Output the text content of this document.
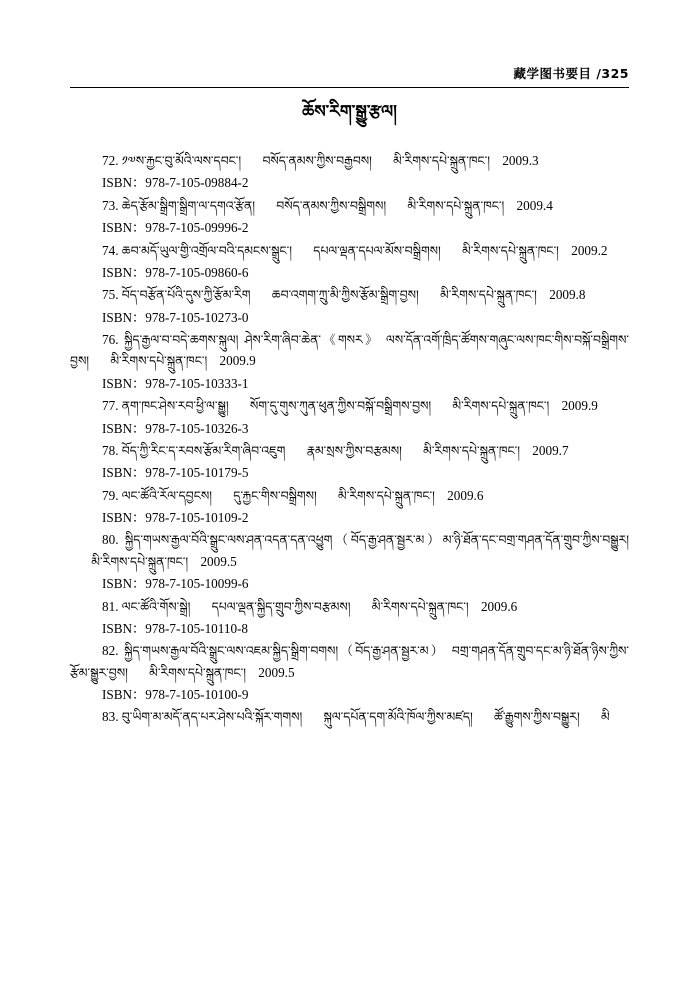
藏学图书要目 /325
ཆོས་རིག་སྒྱུ་རྩལ།

72. ༡༧ས་རྐྱང་བུ་མོའི་ལས་དབང་། བསོད་ནམས་ཀྱིས་བརྒྱབས། མི་རིགས་དཔེ་སྐྲུན་ཁང་། 2009.3

ISBN：978-7-105-09884-2

73. ཆེད་རྩོམ་སྒྲིག་སྒྲིག་ལ་དགའ་རྩོན། བསོད་ནམས་ཀྱིས་བསྒྲིགས། མི་རིགས་དཔེ་སྐྲུན་ཁང་། 2009.4

ISBN：978-7-105-09996-2

74. ཆབ་མདོ་ཡུལ་གྱི་འགྲོལ་བའི་དམངས་སྒྲུང་། དཔལ་ལྡན་དཔལ་མོས་བསྒྲིགས། མི་རིགས་དཔེ་སྐྲུན་ཁང་། 2009.2

ISBN：978-7-105-09860-6

75. བོད་བརྩོན་པོའི་དུས་ཀྱི་རྩོམ་རིག ཆབ་འགག་ཀྲུ་མི་ཀྱིས་རྩོམ་སྒྲིག་བྱས། མི་རིགས་དཔེ་སྐྲུན་ཁང་། 2009.8

ISBN：978-7-105-10273-0

76. སྐྱིད་རྒྱལ་བ་བདེ་ཆགས་སྐུལ། ཤེས་རིག་ཞིབ་ཆེན་《གསར》 ལས་དོན་འགོ་ཁྲིད་ཚོགས་གཞུང་ལས་ཁང་གིས་བསྐོ་བསྒྲིགས་བྱས། མི་རིགས་དཔེ་སྐྲུན་ཁང་། 2009.9

ISBN：978-7-105-10333-1

77. ནག་ཁང་ཤེས་རབ་ཕྱི་ལ་སྒྱུ། སོག་དུ་གུས་ཀུན་ཕུན་ཀྱིས་བསྐོ་བསྒྲིགས་བྱས། མི་རིགས་དཔེ་སྐྲུན་ཁང་། 2009.9

ISBN：978-7-105-10326-3

78. བོད་ཀྱི་རིང་ད་རབས་རྩོམ་རིག་ཞིབ་འཇུག རྣམ་སྲས་ཀྱིས་བརྩམས། མི་རིགས་དཔེ་སྐྲུན་ཁང་། 2009.7

ISBN：978-7-105-10179-5

79. ལང་ཚོའི་རོལ་དབྱངས། དུ་རྐྱང་གིས་བསྒྲིགས། མི་རིགས་དཔེ་སྐྲུན་ཁང་། 2009.6

ISBN：978-7-105-10109-2

80. སྐྱིད་གཡས་རྒྱལ་བོའི་སྒྲུང་ལས་ཤན་འདན་དན་འཕྱུག（བོད་རྒྱ་ཤན་སྦྱར་མ）མ་ཉི་ཐོན་དང་བགྲ་གཤན་དོན་གྲུབ་ཀྱིས་བསྒྱུར། མི་རིགས་དཔེ་སྐྲུན་ཁང་། 2009.5

ISBN：978-7-105-10099-6

81. ལང་ཚོའི་གོས་སྒྲེ། དཔལ་ལྡན་སྐྱིད་གྲུབ་ཀྱིས་བརྩམས། མི་རིགས་དཔེ་སྐྲུན་ཁང་། 2009.6

ISBN：978-7-105-10110-8

82. སྐྱིད་གཡས་རྒྱལ་བོའི་སྒྲུང་ལས་འཇམ་སྐྱིད་སྒྲིག་བགས།（བོད་རྒྱ་ཤན་སྦྱར་མ） བགྲ་གཤན་དོན་གྲུབ་དང་མ་ཉི་ཐོན་ཉིས་ཀྱིས་རྩོམ་སྒྱུར་བྱས། མི་རིགས་དཔེ་སྐྲུན་ཁང་། 2009.5

ISBN：978-7-105-10100-9

83. བུ་ཡིག་མ་མདོ་ནད་པར་ཤེས་པའི་སྐོར་གགས། སྐུལ་དཔོན་དག་མོའི་ཁོལ་ཀྱིས་མཛད། ཚོ་རྒྱུགས་ཀྱིས་བསྒྱུར། མི
